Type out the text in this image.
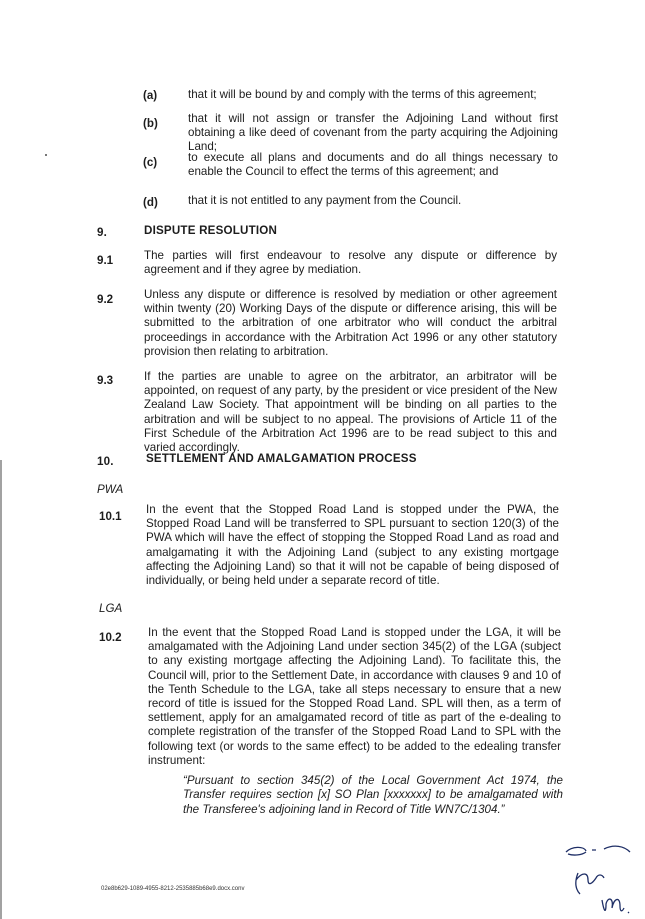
(a)	that it will be bound by and comply with the terms of this agreement;
(b)	that it will not assign or transfer the Adjoining Land without first obtaining a like deed of covenant from the party acquiring the Adjoining Land;
(c)	to execute all plans and documents and do all things necessary to enable the Council to effect the terms of this agreement; and
(d)	that it is not entitled to any payment from the Council.
9.	DISPUTE RESOLUTION
9.1	The parties will first endeavour to resolve any dispute or difference by agreement and if they agree by mediation.
9.2	Unless any dispute or difference is resolved by mediation or other agreement within twenty (20) Working Days of the dispute or difference arising, this will be submitted to the arbitration of one arbitrator who will conduct the arbitral proceedings in accordance with the Arbitration Act 1996 or any other statutory provision then relating to arbitration.
9.3	If the parties are unable to agree on the arbitrator, an arbitrator will be appointed, on request of any party, by the president or vice president of the New Zealand Law Society. That appointment will be binding on all parties to the arbitration and will be subject to no appeal. The provisions of Article 11 of the First Schedule of the Arbitration Act 1996 are to be read subject to this and varied accordingly.
10.	SETTLEMENT AND AMALGAMATION PROCESS
PWA
10.1
In the event that the Stopped Road Land is stopped under the PWA, the Stopped Road Land will be transferred to SPL pursuant to section 120(3) of the PWA which will have the effect of stopping the Stopped Road Land as road and amalgamating it with the Adjoining Land (subject to any existing mortgage affecting the Adjoining Land) so that it will not be capable of being disposed of individually, or being held under a separate record of title.
LGA
10.2 In the event that the Stopped Road Land is stopped under the LGA, it will be amalgamated with the Adjoining Land under section 345(2) of the LGA (subject to any existing mortgage affecting the Adjoining Land). To facilitate this, the Council will, prior to the Settlement Date, in accordance with clauses 9 and 10 of the Tenth Schedule to the LGA, take all steps necessary to ensure that a new record of title is issued for the Stopped Road Land. SPL will then, as a term of settlement, apply for an amalgamated record of title as part of the e-dealing to complete registration of the transfer of the Stopped Road Land to SPL with the following text (or words to the same effect) to be added to the edealing transfer instrument:
“Pursuant to section 345(2) of the Local Government Act 1974, the Transfer requires section [x] SO Plan [xxxxxxx] to be amalgamated with the Transferee's adjoining land in Record of Title WN7C/1304.”
02e8b629-1089-4955-8212-2535885b68e9.docx.conv
